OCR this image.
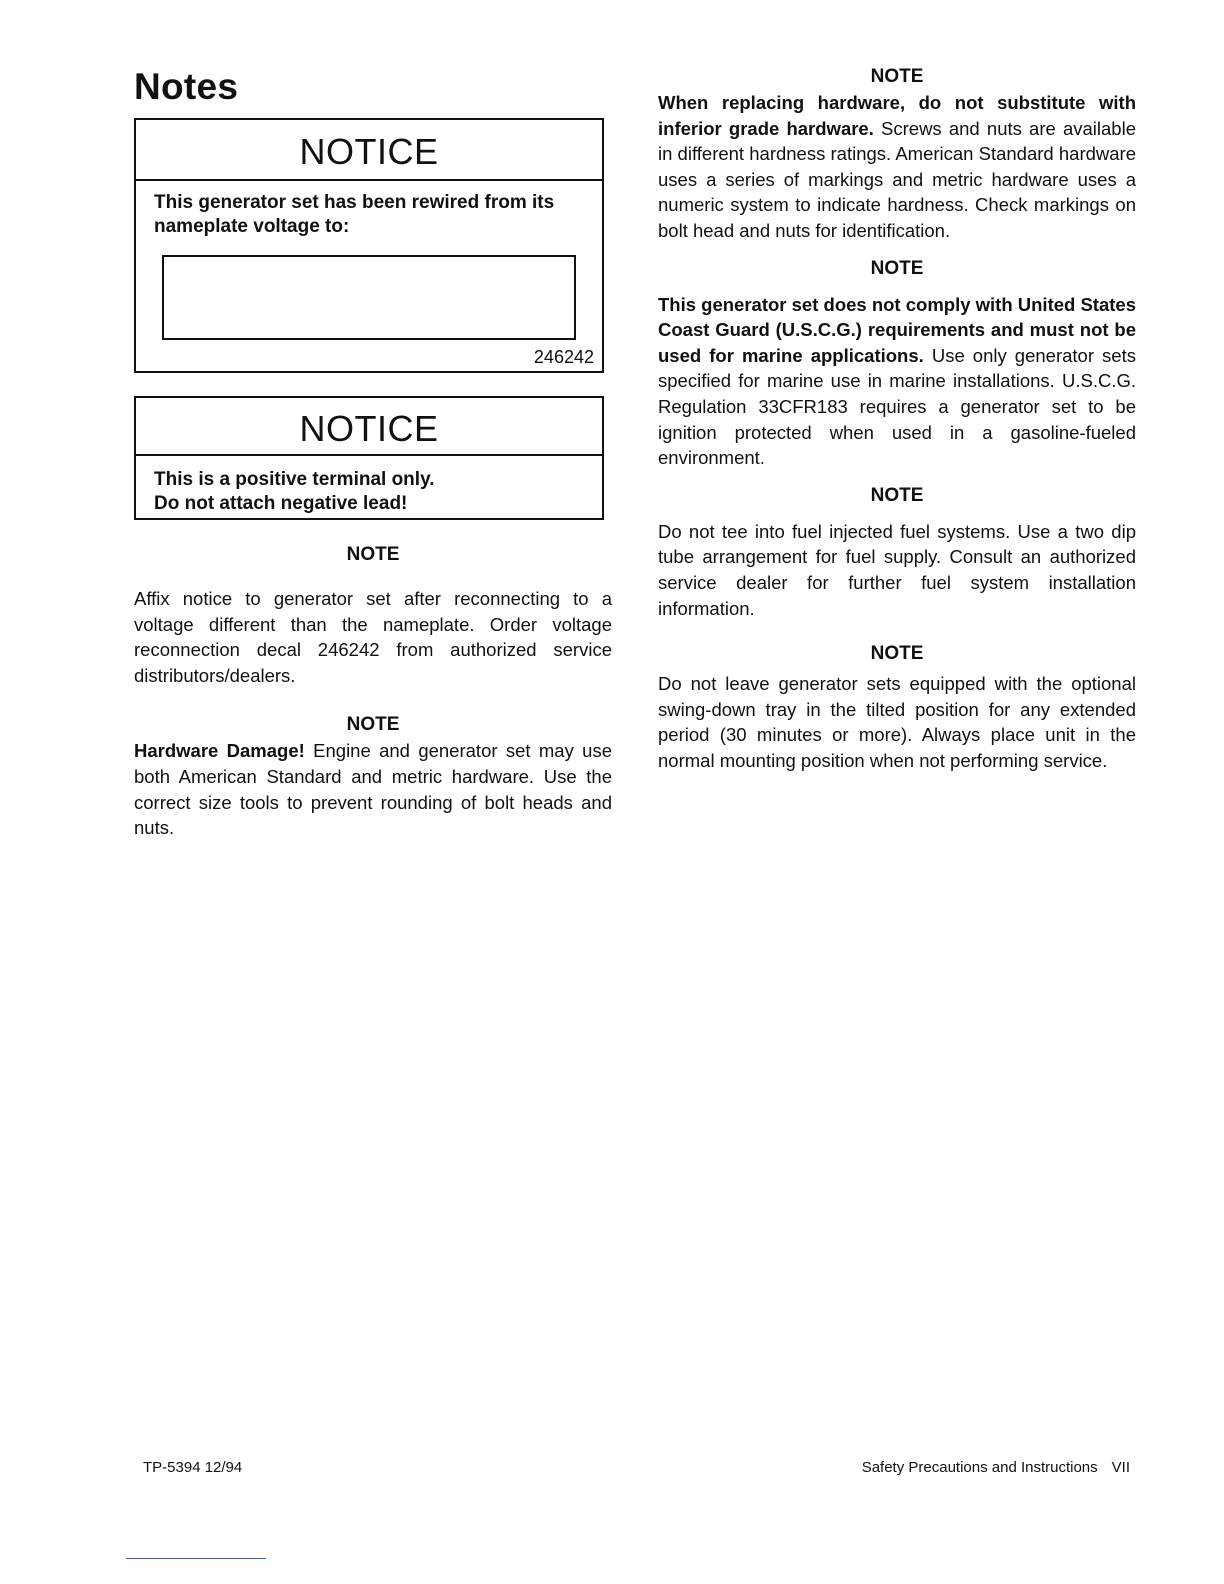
Notes
NOTICE
This generator set has been rewired from its nameplate voltage to:
246242
NOTICE
This is a positive terminal only.
Do not attach negative lead!

NOTE

Affix notice to generator set after reconnecting to a voltage different than the nameplate. Order voltage reconnection decal 246242 from authorized service distributors/dealers.

NOTE

Hardware Damage! Engine and generator set may use both American Standard and metric hardware. Use the correct size tools to prevent rounding of bolt heads and nuts.

NOTE

When replacing hardware, do not substitute with inferior grade hardware. Screws and nuts are available in different hardness ratings. American Standard hardware uses a series of markings and metric hardware uses a numeric system to indicate hardness. Check markings on bolt head and nuts for identification.

NOTE

This generator set does not comply with United States Coast Guard (U.S.C.G.) requirements and must not be used for marine applications. Use only generator sets specified for marine use in marine installations. U.S.C.G. Regulation 33CFR183 requires a generator set to be ignition protected when used in a gasoline-fueled environment.

NOTE

Do not tee into fuel injected fuel systems. Use a two dip tube arrangement for fuel supply. Consult an authorized service dealer for further fuel system installation information.

NOTE

Do not leave generator sets equipped with the optional swing-down tray in the tilted position for any extended period (30 minutes or more). Always place unit in the normal mounting position when not performing service.

TP-5394 12/94	Safety Precautions and Instructions VII
